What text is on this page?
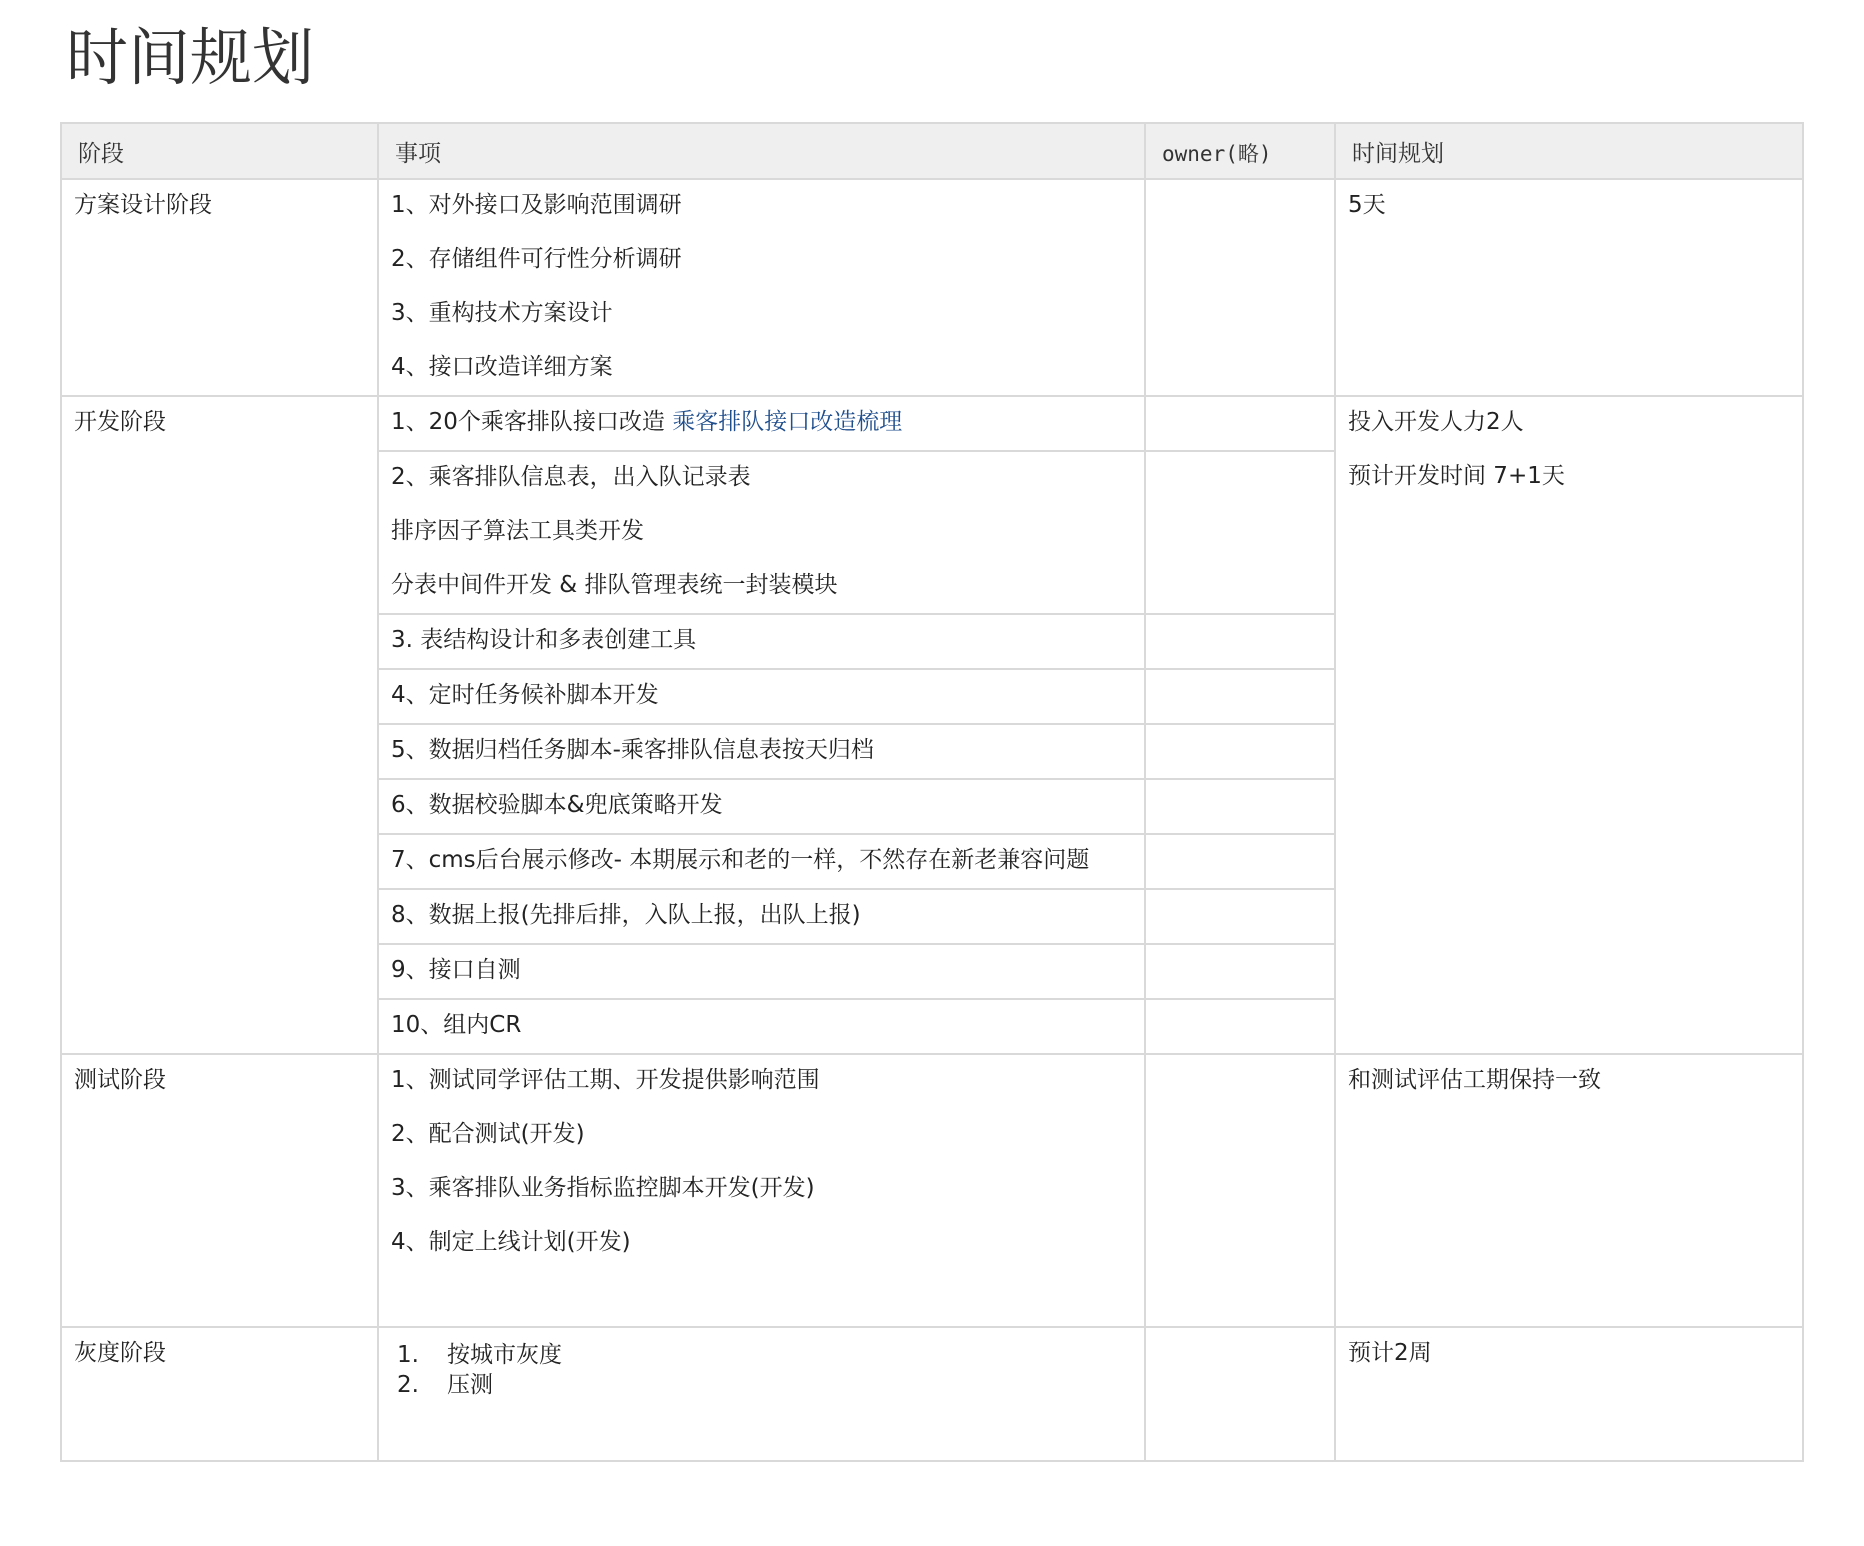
时间规划
阶段	事项	owner(略)	时间规划

方案设计阶段	1、对外接口及影响范围调研
2、存储组件可行性分析调研
3、重构技术方案设计
4、接口改造详细方案		5天

开发阶段	1、20个乘客排队接口改造 乘客排队接口改造梳理		投入开发人力2人
预计开发时间 7+1天

	2、乘客排队信息表，出入队记录表
排序因子算法工具类开发
分表中间件开发 & 排队管理表统一封装模块		

	3. 表结构设计和多表创建工具		

	4、定时任务候补脚本开发		

	5、数据归档任务脚本-乘客排队信息表按天归档		

	6、数据校验脚本&兜底策略开发		

	7、cms后台展示修改- 本期展示和老的一样，不然存在新老兼容问题		

	8、数据上报(先排后排，入队上报，出队上报)		

	9、接口自测		

	10、组内CR		

测试阶段	1、测试同学评估工期、开发提供影响范围
2、配合测试(开发)
3、乘客排队业务指标监控脚本开发(开发)
4、制定上线计划(开发)		和测试评估工期保持一致

灰度阶段	1. 按城市灰度
2. 压测		预计2周
